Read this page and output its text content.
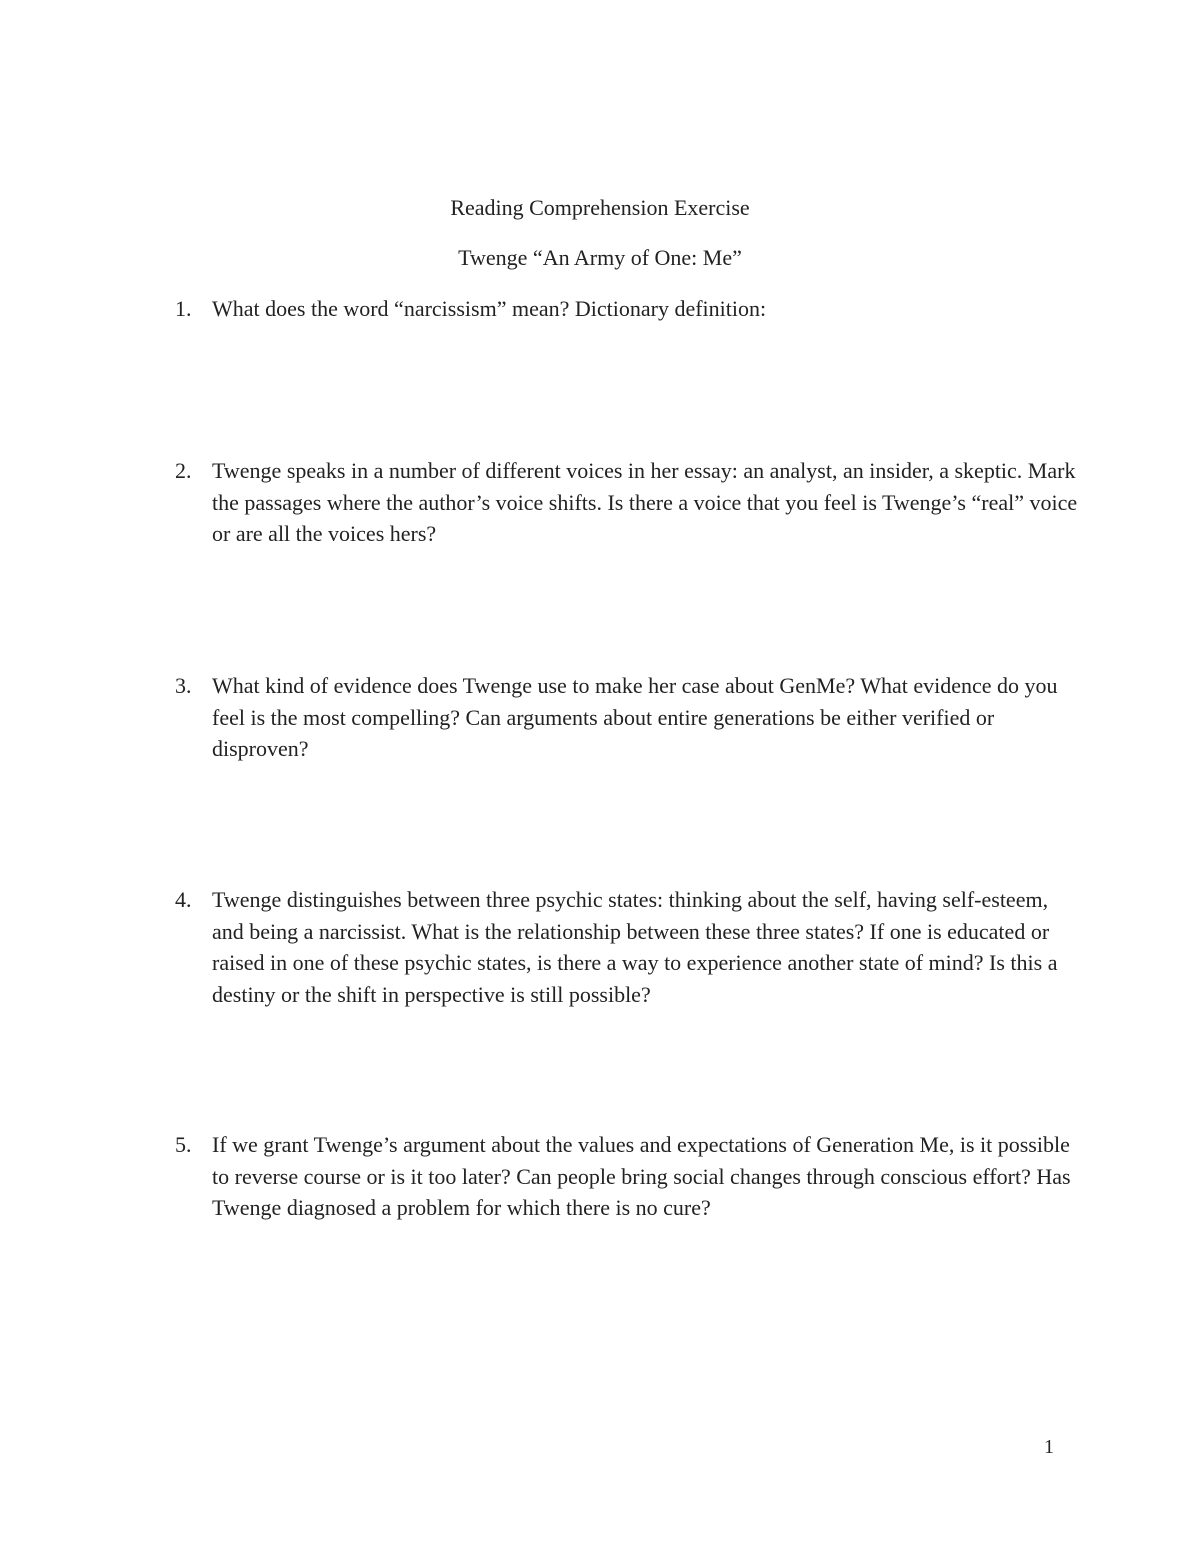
Reading Comprehension Exercise
Twenge “An Army of One: Me”
1. What does the word “narcissism” mean? Dictionary definition:
2. Twenge speaks in a number of different voices in her essay: an analyst, an insider, a skeptic. Mark the passages where the author’s voice shifts. Is there a voice that you feel is Twenge’s “real” voice or are all the voices hers?
3. What kind of evidence does Twenge use to make her case about GenMe? What evidence do you feel is the most compelling? Can arguments about entire generations be either verified or disproven?
4. Twenge distinguishes between three psychic states: thinking about the self, having self-esteem, and being a narcissist. What is the relationship between these three states? If one is educated or raised in one of these psychic states, is there a way to experience another state of mind? Is this a destiny or the shift in perspective is still possible?
5. If we grant Twenge’s argument about the values and expectations of Generation Me, is it possible to reverse course or is it too later? Can people bring social changes through conscious effort? Has Twenge diagnosed a problem for which there is no cure?
1
